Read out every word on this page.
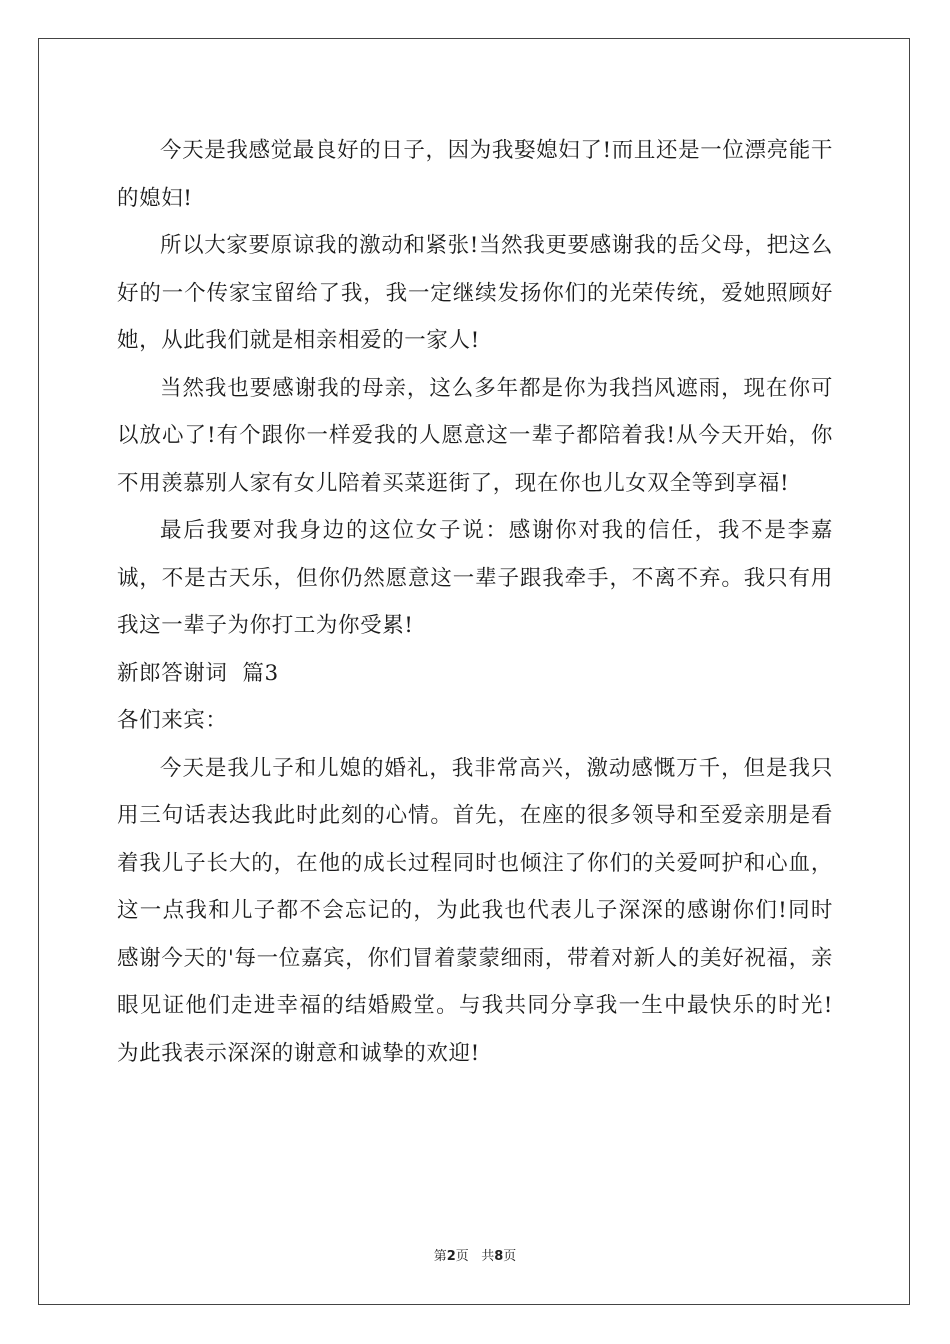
今天是我感觉最良好的日子，因为我娶媳妇了!而且还是一位漂亮能干的媳妇!

所以大家要原谅我的激动和紧张!当然我更要感谢我的岳父母，把这么好的一个传家宝留给了我，我一定继续发扬你们的光荣传统，爱她照顾好她，从此我们就是相亲相爱的一家人!

当然我也要感谢我的母亲，这么多年都是你为我挡风遮雨，现在你可以放心了!有个跟你一样爱我的人愿意这一辈子都陪着我!从今天开始，你不用羡慕别人家有女儿陪着买菜逛街了，现在你也儿女双全等到享福!

最后我要对我身边的这位女子说：感谢你对我的信任，我不是李嘉诚，不是古天乐，但你仍然愿意这一辈子跟我牵手，不离不弃。我只有用我这一辈子为你打工为你受累!

新郎答谢词  篇3

各们来宾：

今天是我儿子和儿媳的婚礼，我非常高兴，激动感慨万千，但是我只用三句话表达我此时此刻的心情。首先，在座的很多领导和至爱亲朋是看着我儿子长大的，在他的成长过程同时也倾注了你们的关爱呵护和心血，这一点我和儿子都不会忘记的，为此我也代表儿子深深的感谢你们!同时感谢今天的'每一位嘉宾，你们冒着蒙蒙细雨，带着对新人的美好祝福，亲眼见证他们走进幸福的结婚殿堂。与我共同分享我一生中最快乐的时光!为此我表示深深的谢意和诚挚的欢迎!

第2页   共8页
